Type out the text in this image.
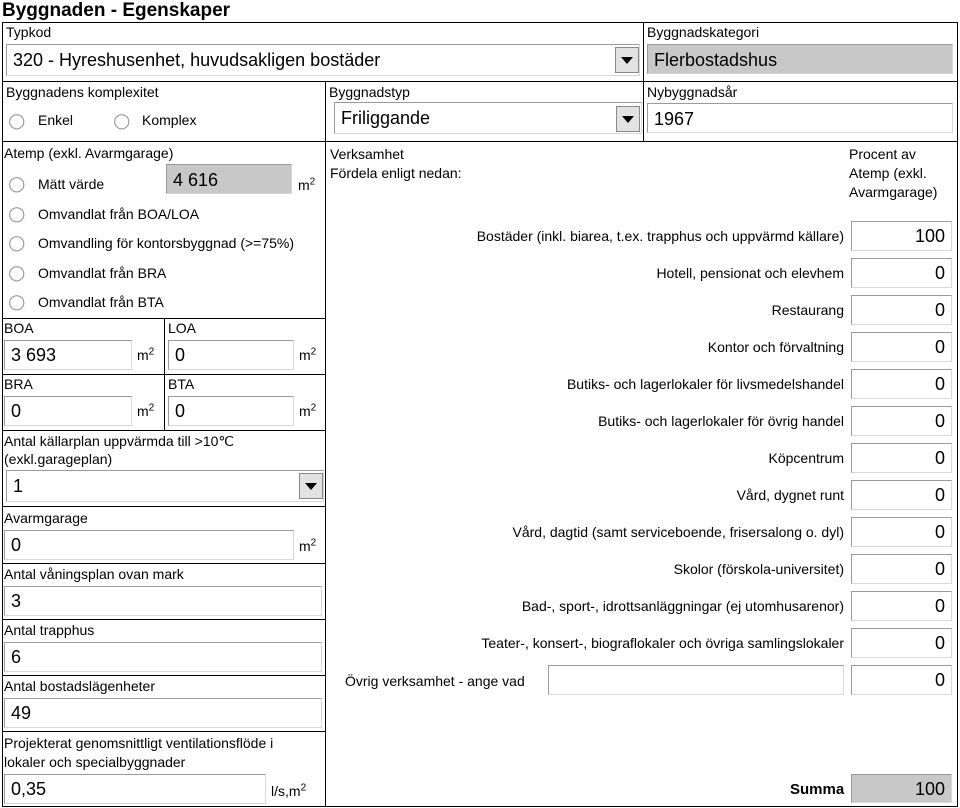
Byggnaden - Egenskaper
Typkod
320 - Hyreshusenhet, huvudsakligen bostäder
Byggnadskategori
Flerbostadshus
Byggnadens komplexitet
○ Enkel ○ Komplex
Byggnadstyp
Friliggande
Nybyggnadsår
1967
Atemp (exkl. Avarmgarage)
○ Mätt värde	4 616	$m^2$
○ Omvandlat från BOA/LOA
○ Omvandling för kontorsbyggnad (>=75%)
○ Omvandlat från BRA
○ Omvandlat från BTA
BOA
3 693	$m^2$
LOA
0	$m^2$
BRA
0	$m^2$
BTA
0	$m^2$
Antal källarplan uppvärmda till >10℃
(exkl.garageplan)
1
Avarmgarage
0	$m^2$
Antal våningsplan ovan mark
3
Antal trapphus
6
Antal bostadslägenheter
49
Projekterat genomsnittligt ventilationsflöde i
lokaler och specialbyggnader
0,35	$l/s,m^2$
Verksamhet
Fördela enligt nedan:
Procent av
Atemp (exkl.
Avarmgarage)
Bostäder (inkl. biarea, t.ex. trapphus och uppvärmd källare)	100
Hotell, pensionat och elevhem	0
Restaurang	0
Kontor och förvaltning	0
Butiks- och lagerlokaler för livsmedelshandel	0
Butiks- och lagerlokaler för övrig handel	0
Köpcentrum	0
Vård, dygnet runt	0
Vård, dagtid (samt serviceboende, frisersalong o. dyl)	0
Skolor (förskola-universitet)	0
Bad-, sport-, idrottsanläggningar (ej utomhusarenor)	0
Teater-, konsert-, biograflokaler och övriga samlingslokaler	0
Övrig verksamhet - ange vad	0
Summa	100
